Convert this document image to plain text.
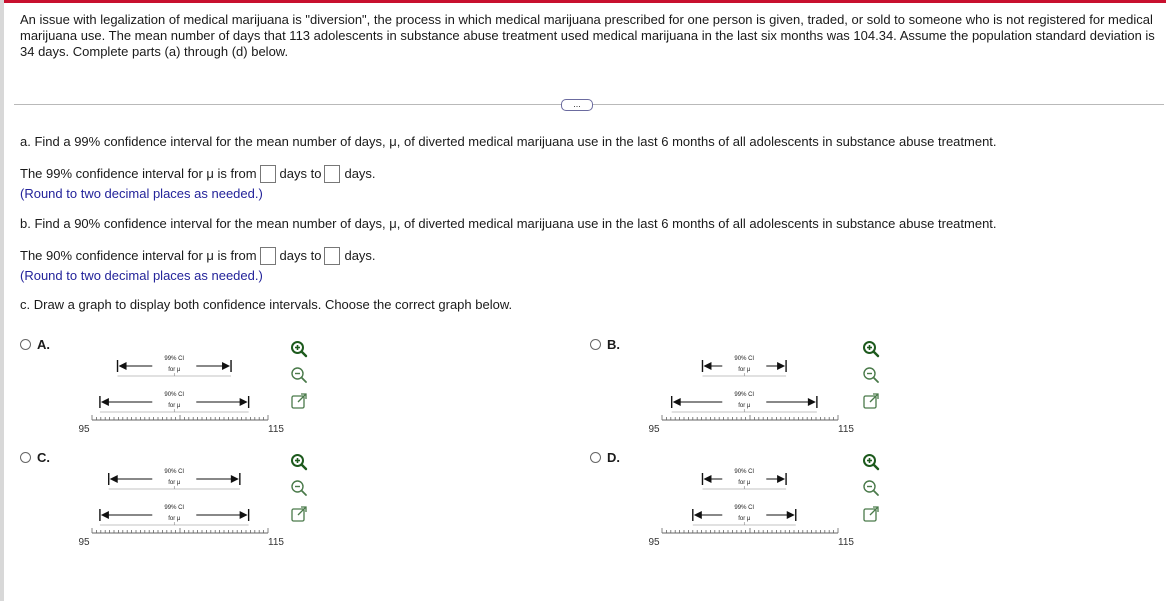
An issue with legalization of medical marijuana is "diversion", the process in which medical marijuana prescribed for one person is given, traded, or sold to someone who is not registered for medical marijuana use. The mean number of days that 113 adolescents in substance abuse treatment used medical marijuana in the last six months was 104.34. Assume the population standard deviation is 34 days. Complete parts (a) through (d) below.

...
a. Find a 99% confidence interval for the mean number of days, μ, of diverted medical marijuana use in the last 6 months of all adolescents in substance abuse treatment.
The 99% confidence interval for μ is from days to days.
(Round to two decimal places as needed.)
b. Find a 90% confidence interval for the mean number of days, μ, of diverted medical marijuana use in the last 6 months of all adolescents in substance abuse treatment.
The 90% confidence interval for μ is from days to days.
(Round to two decimal places as needed.)
c. Draw a graph to display both confidence intervals. Choose the correct graph below.
A.	B.
C.	D.
95	115
99% CI
for μ
90% CI
for μ
95	115
90% CI
for μ
99% CI
for μ
95	115
90% CI
for μ
99% CI
for μ
95	115
90% CI
for μ
99% CI
for μ
